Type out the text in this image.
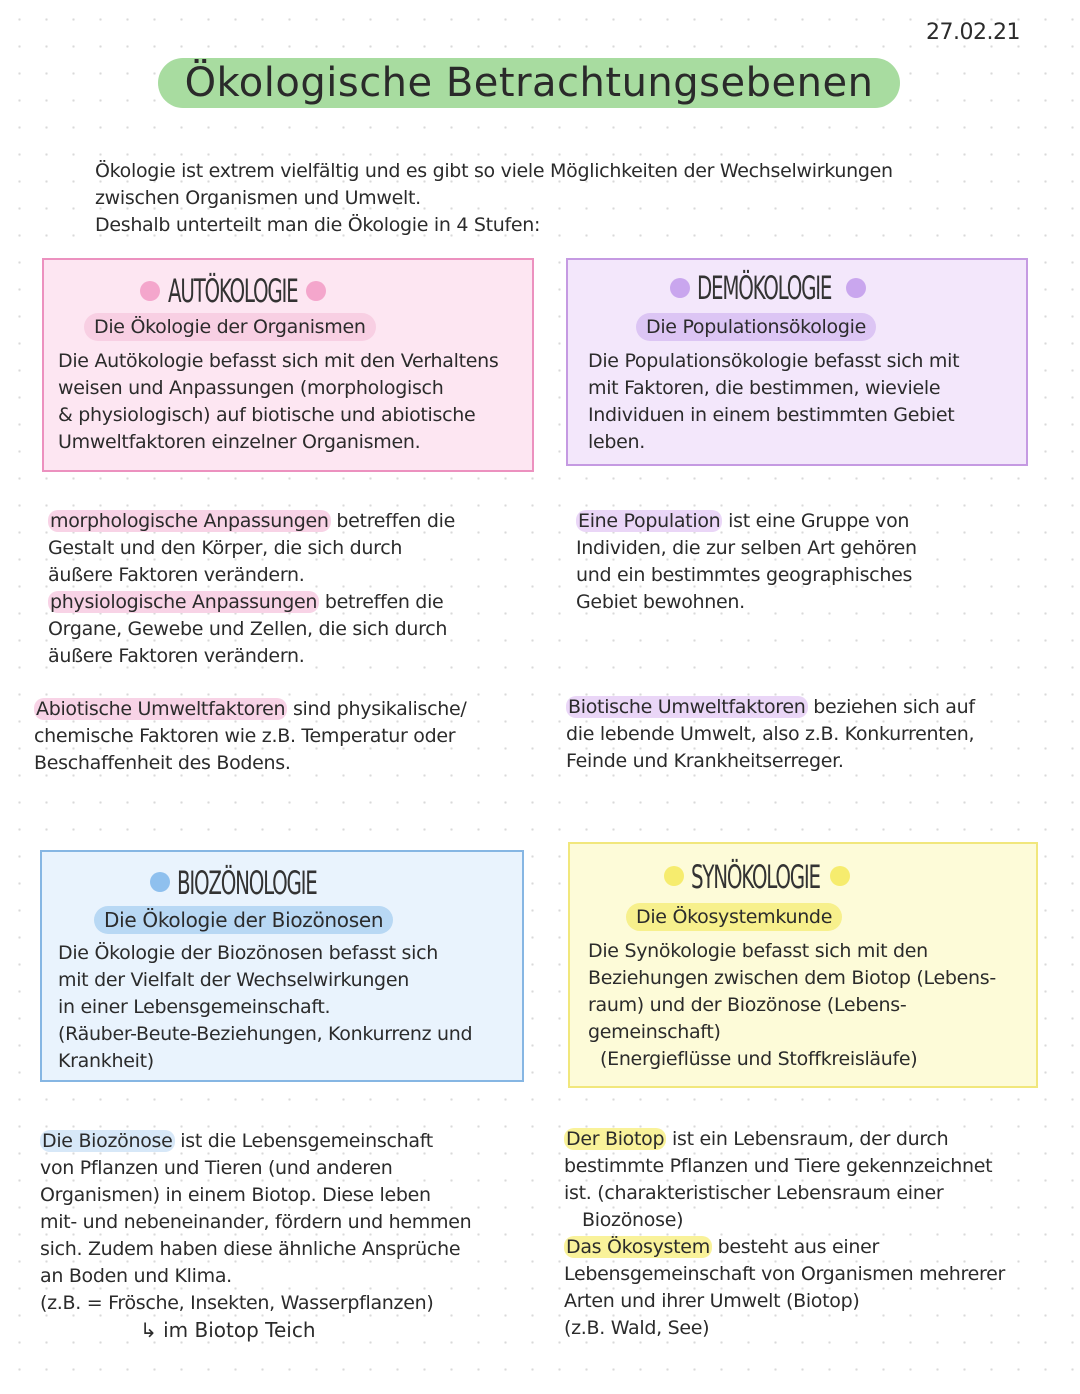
27.02.21
Ökologische Betrachtungsebenen

Ökologie ist extrem vielfältig und es gibt so viele Möglichkeiten der Wechselwirkungen

zwischen Organismen und Umwelt.

Deshalb unterteilt man die Ökologie in 4 Stufen:

AUTÖKOLOGIE
Die Ökologie der Organismen

Die Autökologie befasst sich mit den Verhaltens

weisen und Anpassungen (morphologisch

& physiologisch) auf biotische und abiotische

Umweltfaktoren einzelner Organismen.

morphologische Anpassungen betreffen die

Gestalt und den Körper, die sich durch

äußere Faktoren verändern.

physiologische Anpassungen betreffen die

Organe, Gewebe und Zellen, die sich durch

äußere Faktoren verändern.

Abiotische Umweltfaktoren sind physikalische/

chemische Faktoren wie z.B. Temperatur oder

Beschaffenheit des Bodens.

DEMÖKOLOGIE
Die Populationsökologie

Die Populationsökologie befasst sich mit

mit Faktoren, die bestimmen, wieviele

Individuen in einem bestimmten Gebiet

leben.

Eine Population ist eine Gruppe von

Individen, die zur selben Art gehören

und ein bestimmtes geographisches

Gebiet bewohnen.

Biotische Umweltfaktoren beziehen sich auf

die lebende Umwelt, also z.B. Konkurrenten,

Feinde und Krankheitserreger.

BIOZÖNOLOGIE
Die Ökologie der Biozönosen

Die Ökologie der Biozönosen befasst sich

mit der Vielfalt der Wechselwirkungen

in einer Lebensgemeinschaft.

(Räuber-Beute-Beziehungen, Konkurrenz und

Krankheit)

Die Biozönose ist die Lebensgemeinschaft

von Pflanzen und Tieren (und anderen

Organismen) in einem Biotop. Diese leben

mit- und nebeneinander, fördern und hemmen

sich. Zudem haben diese ähnliche Ansprüche

an Boden und Klima.

(z.B. = Frösche, Insekten, Wasserpflanzen)

↳ im Biotop Teich
SYNÖKOLOGIE
Die Ökosystemkunde

Die Synökologie befasst sich mit den

Beziehungen zwischen dem Biotop (Lebens-

raum) und der Biozönose (Lebens-

gemeinschaft)

(Energieflüsse und Stoffkreisläufe)

Der Biotop ist ein Lebensraum, der durch

bestimmte Pflanzen und Tiere gekennzeichnet

ist. (charakteristischer Lebensraum einer

Biozönose)

Das Ökosystem besteht aus einer

Lebensgemeinschaft von Organismen mehrerer

Arten und ihrer Umwelt (Biotop)

(z.B. Wald, See)
